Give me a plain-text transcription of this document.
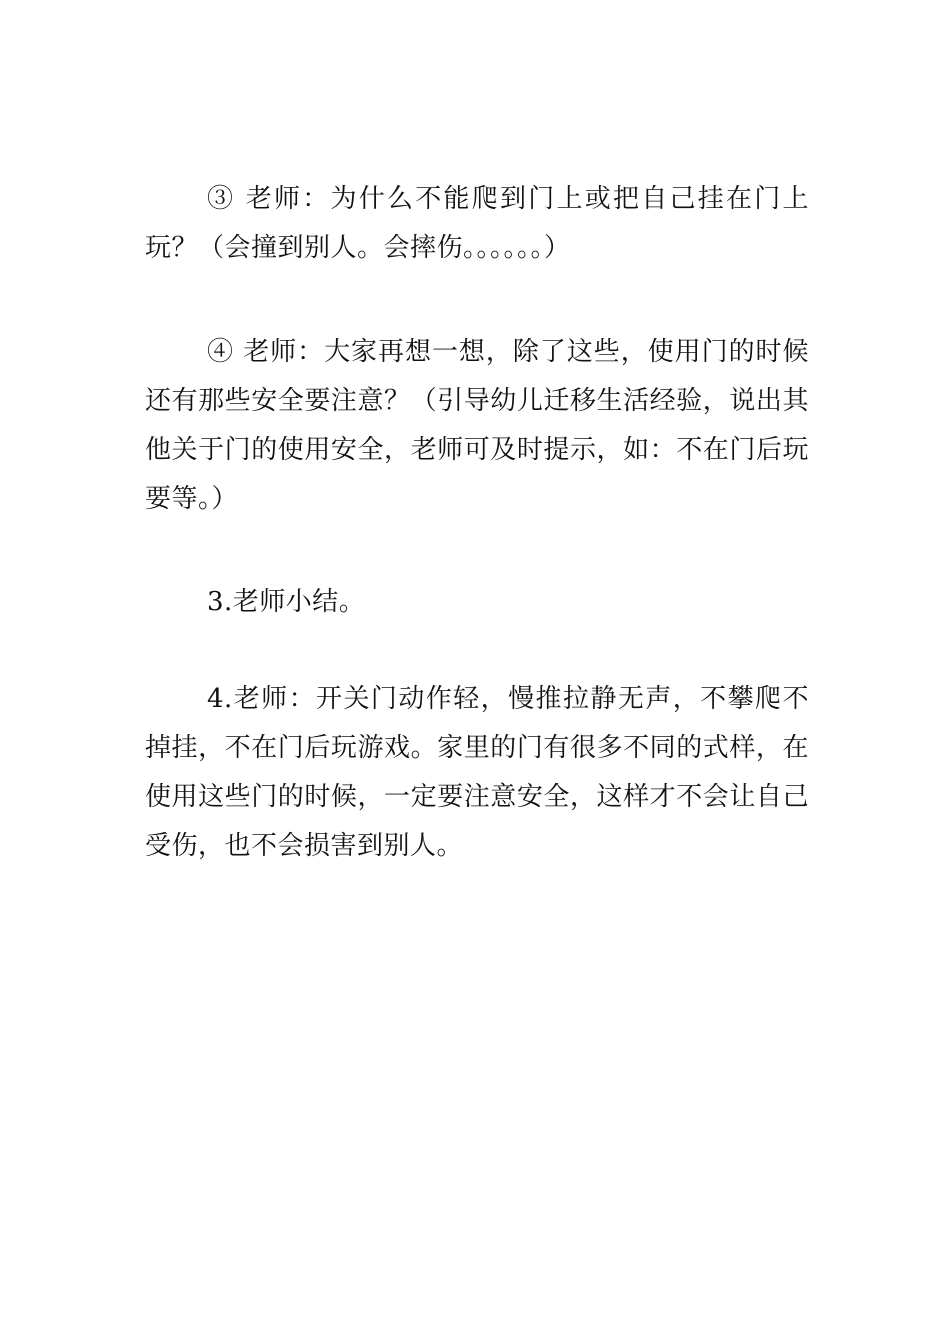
③ 老师：为什么不能爬到门上或把自己挂在门上玩？（会撞到别人。会摔伤。。。。。。）

④ 老师：大家再想一想，除了这些，使用门的时候还有那些安全要注意？（引导幼儿迁移生活经验，说出其他关于门的使用安全，老师可及时提示，如：不在门后玩要等。）

3.老师小结。

4.老师：开关门动作轻，慢推拉静无声，不攀爬不掉挂，不在门后玩游戏。家里的门有很多不同的式样，在使用这些门的时候，一定要注意安全，这样才不会让自己受伤，也不会损害到别人。
